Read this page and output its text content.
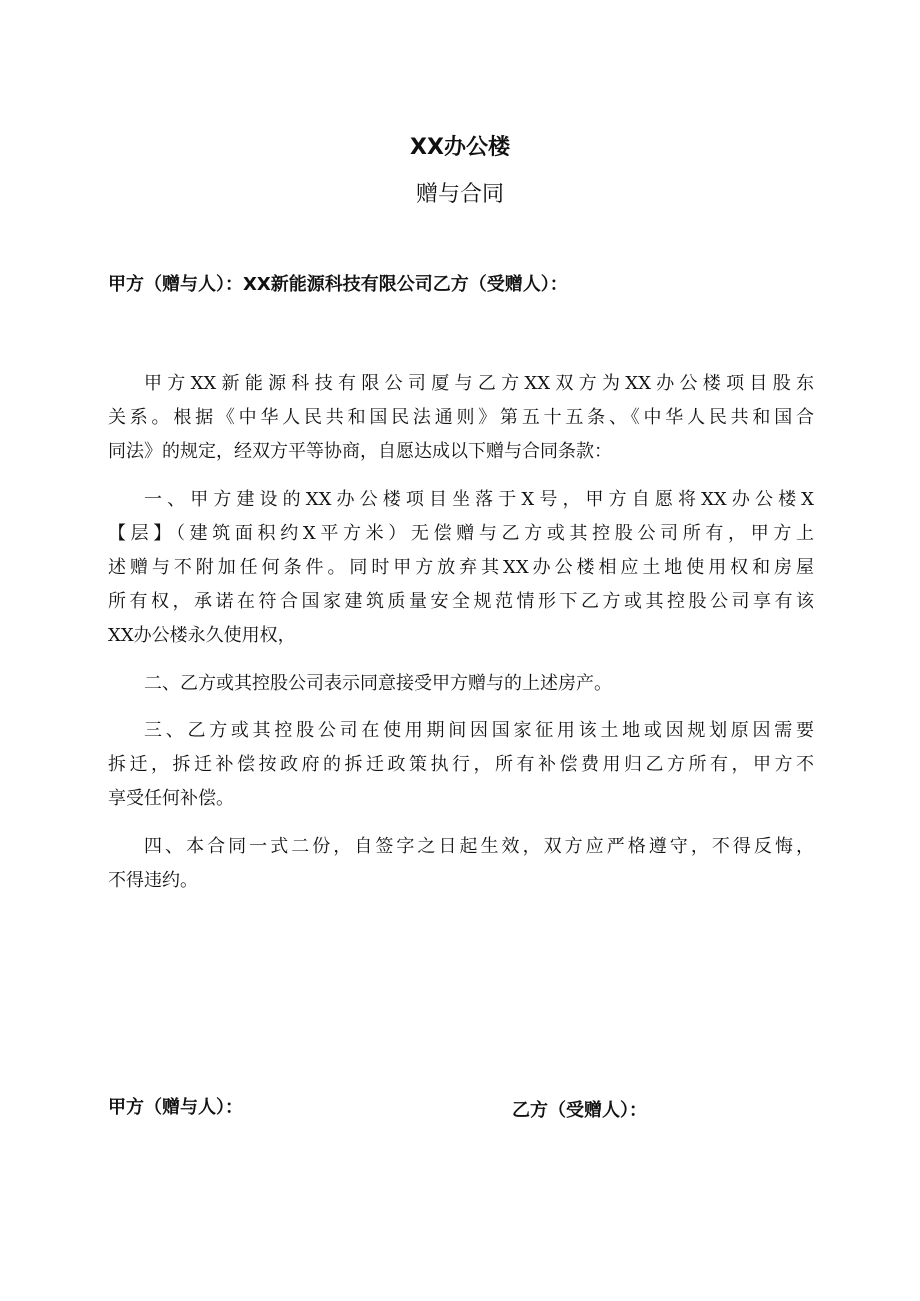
XX办公楼
赠与合同
甲方（赠与人）：XX新能源科技有限公司乙方（受赠人）：
甲方XX新能源科技有限公司厦与乙方XX双方为XX办公楼项目股东
关系。根据《中华人民共和国民法通则》第五十五条、《中华人民共和国合
同法》的规定，经双方平等协商，自愿达成以下赠与合同条款：
一、甲方建设的XX办公楼项目坐落于X号，甲方自愿将XX办公楼X
【层】（建筑面积约X平方米）无偿赠与乙方或其控股公司所有，甲方上
述赠与不附加任何条件。同时甲方放弃其XX办公楼相应土地使用权和房屋
所有权，承诺在符合国家建筑质量安全规范情形下乙方或其控股公司享有该
XX办公楼永久使用权，
二、乙方或其控股公司表示同意接受甲方赠与的上述房产。
三、乙方或其控股公司在使用期间因国家征用该土地或因规划原因需要
拆迁，拆迁补偿按政府的拆迁政策执行，所有补偿费用归乙方所有，甲方不
享受任何补偿。
四、本合同一式二份，自签字之日起生效，双方应严格遵守，不得反悔，
不得违约。
甲方（赠与人）：	乙方（受赠人）：
